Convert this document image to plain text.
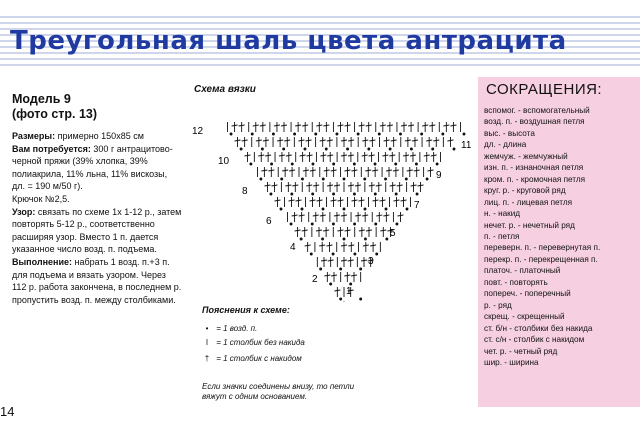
Треугольная шаль цвета антрацита
Модель 9
(фото стр. 13)

Размеры: примерно 150х85 см

Вам потребуется: 300 г антрацитово-черной пряжи (39% хлопка, 39% полиакрила, 11% льна, 11% вискозы, дл. = 190 м/50 г).

Крючок №2,5.

Узор: связать по схеме 1х 1-12 р., затем повторять 5-12 р., соответственно расширяя узор. Вместо 1 п. дается указанное число возд. п. подъема.

Выполнение: набрать 1 возд. п.+3 п. для подъема и вязать узором. Через 112 р. работа закончена, в последнем р. пропустить возд. п. между столбиками.

Схема вязки
12
10
8
6
4
2
11
9
7
5
3
1
Пояснения к схеме:
• = 1 возд. п.
I = 1 столбик без накида
† = 1 столбик с накидом
Если значки соединены внизу, то петли вяжут с одним основанием.
СОКРАЩЕНИЯ:
вспомог. - вспомогательный
возд. п. - воздушная петля
выс. - высота
дл. - длина
жемчуж. - жемчужный
изн. п. - изнаночная петля
кром. п. - кромочная петля
круг. р. - круговой ряд
лиц. п. - лицевая петля
н. - накид
нечет. р. - нечетный ряд
п. - петля
переверн. п. - перевернутая п.
перекр. п. - перекрещенная п.
платоч. - платочный
повт. - повторять
попереч. - поперечный
р. - ряд
скрещ. - скрещенный
ст. б/н - столбики без накида
ст. с/н - столбик с накидом
чет. р. - четный ряд
шир. - ширина
14
